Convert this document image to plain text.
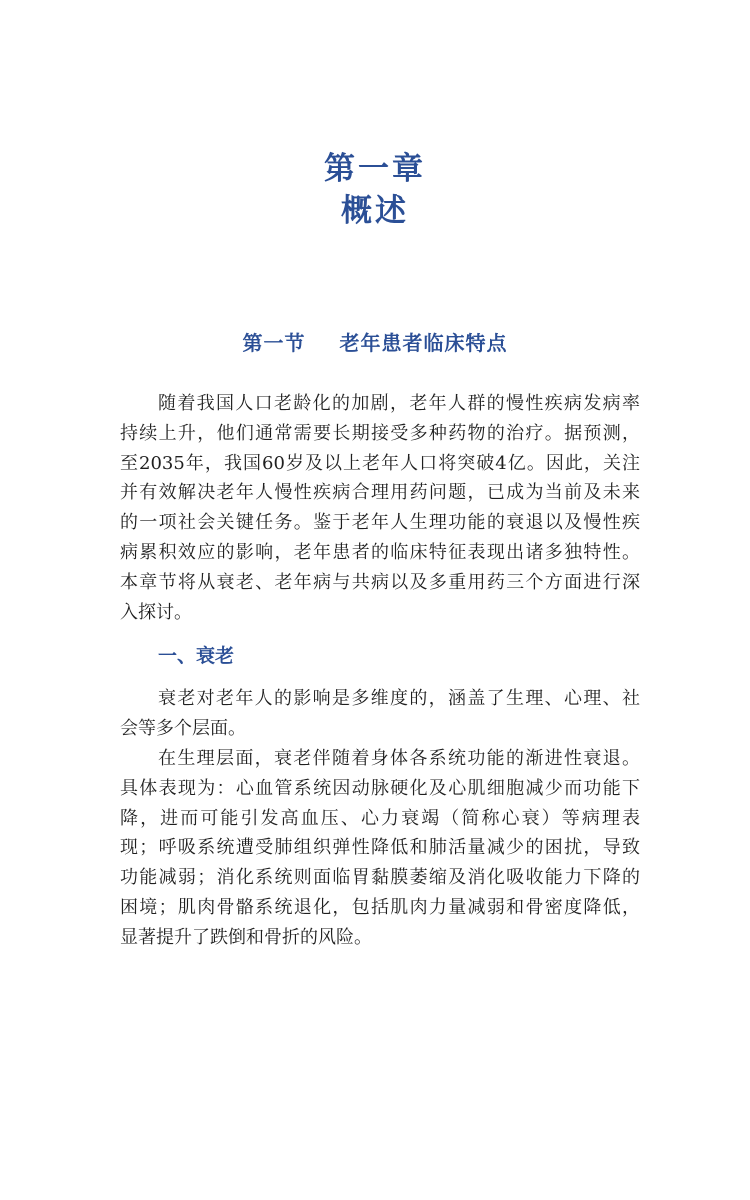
第一章
概述
第一节 老年患者临床特点
随着我国人口老龄化的加剧，老年人群的慢性疾病发病率
持续上升，他们通常需要长期接受多种药物的治疗。据预测，
至2035年，我国60岁及以上老年人口将突破4亿。因此，关注
并有效解决老年人慢性疾病合理用药问题，已成为当前及未来
的一项社会关键任务。鉴于老年人生理功能的衰退以及慢性疾
病累积效应的影响，老年患者的临床特征表现出诸多独特性。
本章节将从衰老、老年病与共病以及多重用药三个方面进行深
入探讨。
一、衰老
衰老对老年人的影响是多维度的，涵盖了生理、心理、社
会等多个层面。
在生理层面，衰老伴随着身体各系统功能的渐进性衰退。
具体表现为：心血管系统因动脉硬化及心肌细胞减少而功能下
降，进而可能引发高血压、心力衰竭（简称心衰）等病理表
现；呼吸系统遭受肺组织弹性降低和肺活量减少的困扰，导致
功能减弱；消化系统则面临胃黏膜萎缩及消化吸收能力下降的
困境；肌肉骨骼系统退化，包括肌肉力量减弱和骨密度降低，
显著提升了跌倒和骨折的风险。
